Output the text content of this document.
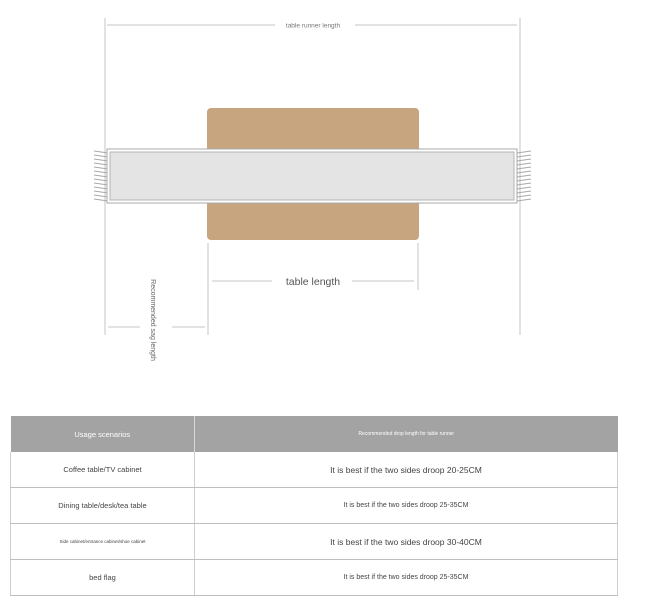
table runner length
table length
Recommended sag length
Usage scenarios	Recommended drop length for table runner
Coffee table/TV cabinet	It is best if the two sides droop 20-25CM
Dining table/desk/tea table	It is best if the two sides droop 25-35CM
Side cabinet/entrance cabinet/shoe cabinet	It is best if the two sides droop 30-40CM
bed flag	It is best if the two sides droop 25-35CM
